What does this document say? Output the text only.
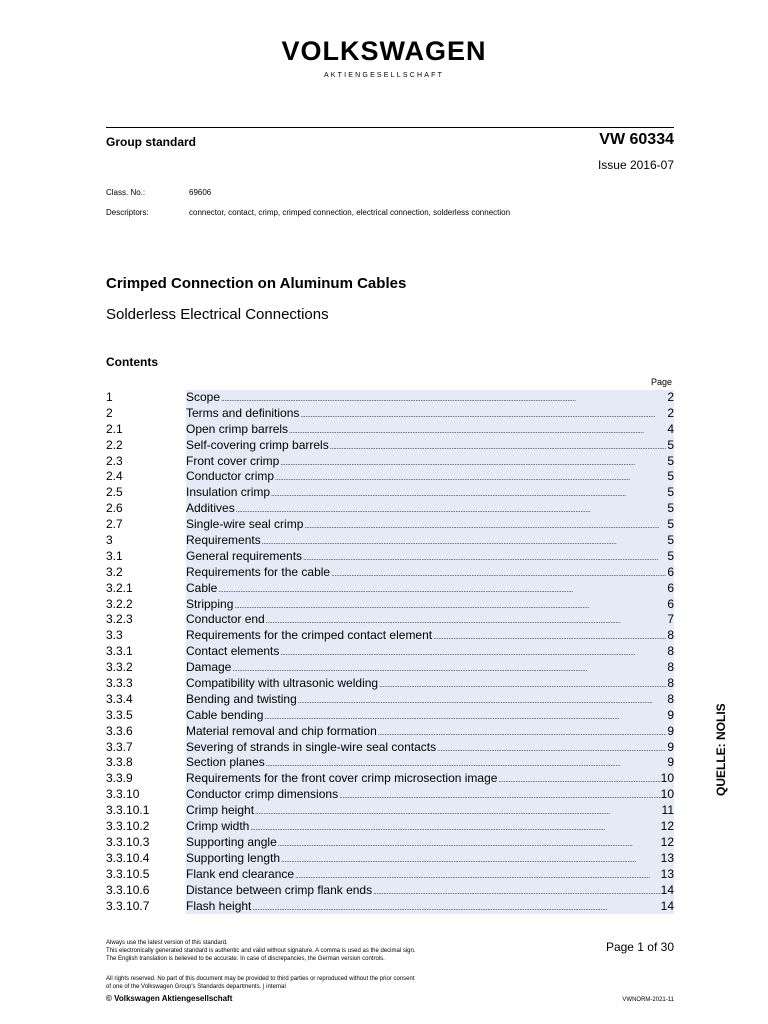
VOLKSWAGEN
AKTIENGESELLSCHAFT
Group standard	VW 60334
Issue 2016-07
Class. No.:	69606
Descriptors:	connector, contact, crimp, crimped connection, electrical connection, solderless connection
Crimped Connection on Aluminum Cables
Solderless Electrical Connections
Contents
Page
1	Scope . . .	2
2	Terms and definitions . . .	2
2.1	Open crimp barrels . . .	4
2.2	Self-covering crimp barrels . . .	5
2.3	Front cover crimp . . .	5
2.4	Conductor crimp . . .	5
2.5	Insulation crimp . . .	5
2.6	Additives . . .	5
2.7	Single-wire seal crimp . . .	5
3	Requirements . . .	5
3.1	General requirements . . .	5
3.2	Requirements for the cable . . .	6
3.2.1	Cable . . .	6
3.2.2	Stripping . . .	6
3.2.3	Conductor end . . .	7
3.3	Requirements for the crimped contact element . . .	8
3.3.1	Contact elements . . .	8
3.3.2	Damage . . .	8
3.3.3	Compatibility with ultrasonic welding . . .	8
3.3.4	Bending and twisting . . .	8
3.3.5	Cable bending . . .	9
3.3.6	Material removal and chip formation . . .	9
3.3.7	Severing of strands in single-wire seal contacts . . .	9
3.3.8	Section planes . . .	9
3.3.9	Requirements for the front cover crimp microsection image . . .	10
3.3.10	Conductor crimp dimensions . . .	10
3.3.10.1	Crimp height . . .	11
3.3.10.2	Crimp width . . .	12
3.3.10.3	Supporting angle . . .	12
3.3.10.4	Supporting length . . .	13
3.3.10.5	Flank end clearance . . .	13
3.3.10.6	Distance between crimp flank ends . . .	14
3.3.10.7	Flash height . . .	14
QUELLE: NOLIS
Always use the latest version of this standard.
This electronically generated standard is authentic and valid without signature. A comma is used as the decimal sign.
The English translation is believed to be accurate. In case of discrepancies, the German version controls.
All rights reserved. No part of this document may be provided to third parties or reproduced without the prior consent
of one of the Volkswagen Group's Standards departments. | internal
© Volkswagen Aktiengesellschaft
Page 1 of 30
VWNORM-2021-11
